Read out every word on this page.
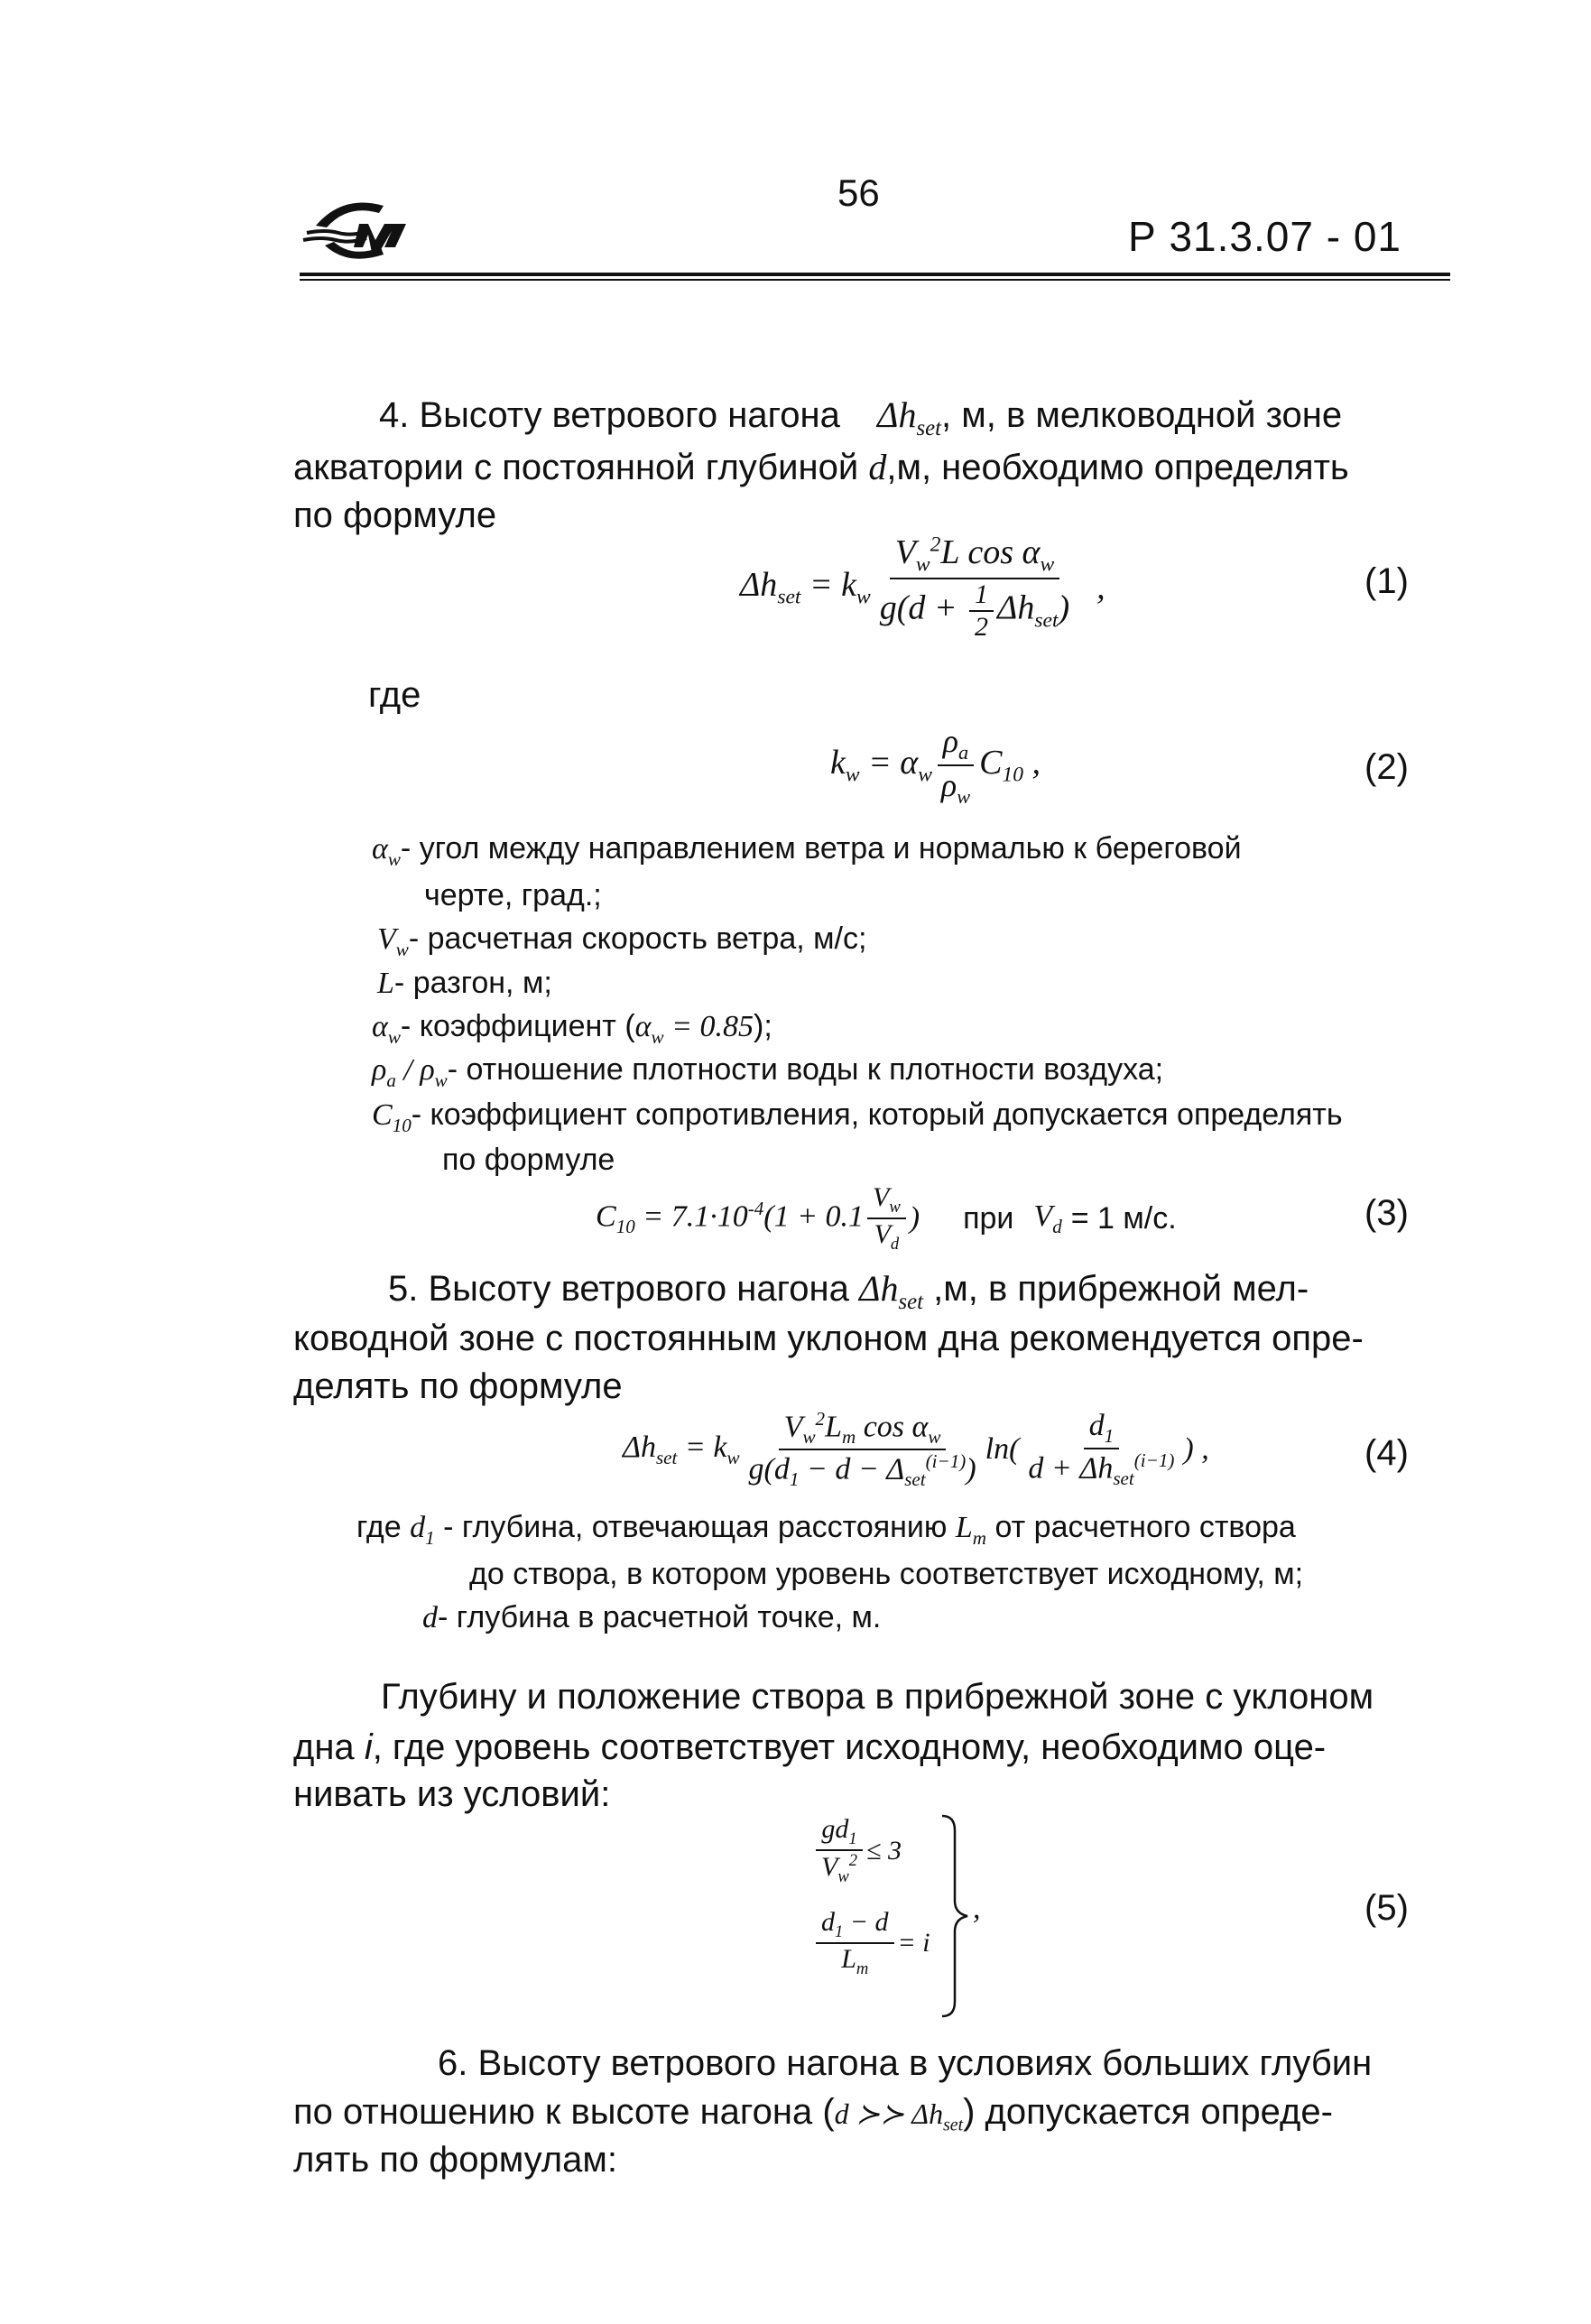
56
Р 31.3.07 - 01
4. Высоту ветрового нагона $\Delta h_{set}$, м, в мелководной зоне
акватории с постоянной глубиной d,м, необходимо определять
по формуле
$\Delta h_{set} = k_w \frac{V_w^2L \cos \alpha_w}{g(d + \frac{1}{2} \Delta h_{set})}$ ,	(1)
где
$k_w = \alpha_w \frac{\rho_a}{\rho_w} C_{10}$ ,	(2)
$\alpha_w-$ угол между направлением ветра и нормалью к береговой
черте, град.;
$V_w-$ расчетная скорость ветра, м/с;
L- разгон, м;
$\alpha_w-$ коэффициент $(\alpha_w = 0.85)$;
$\rho_a / \rho_w-$ отношение плотности воды к плотности воздуха;
$C_{10}-$ коэффициент сопротивления, который допускается определять
по формуле
$C_{10} = 7.1\cdot 10^{-4}(1 + 0.1 \frac{V_w}{V_d}$ ) при $V_d = 1$ м/с.	(3)
5. Высоту ветрового нагона $\Delta h_{set}$ ,м, в прибрежной мел-
ководной зоне с постоянным уклоном дна рекомендуется опре-
делять по формуле
$\Delta h_{set} = k_w \frac{V_w^2L_m \cos \alpha_w}{g(d_1 - d - \Delta_{set}^{(i-1)})} \ln( \frac{d_1}{d + \Delta h_{set}^{(i-1)}}$ ) ,	(4)
где $d_1$ - глубина, отвечающая расстоянию $L_m$ от расчетного створа
до створа, в котором уровень соответствует исходному, м;
d- глубина в расчетной точке, м.
Глубину и положение створа в прибрежной зоне с уклоном
дна i, где уровень соответствует исходному, необходимо оце-
нивать из условий:
$\frac{gd_1}{V_w^2} \le 3$
$\frac{d_1 - d}{L_m} = i$
,	(5)
6. Высоту ветрового нагона в условиях больших глубин
по отношению к высоте нагона (d ≻≻ $\Delta h_{set}$) допускается опреде-
лять по формулам:
